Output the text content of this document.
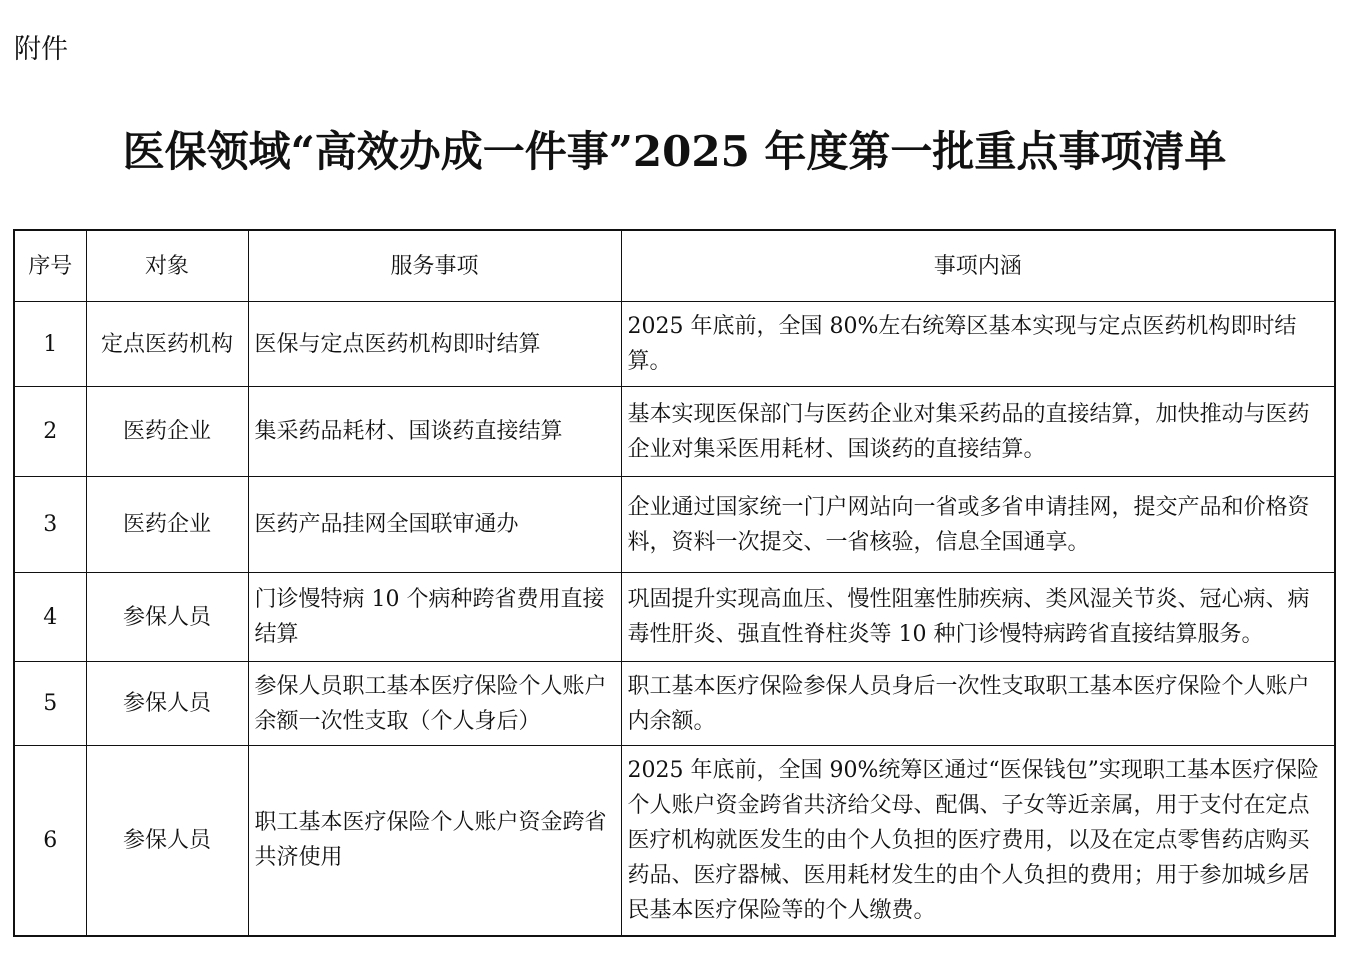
附件
医保领域“高效办成一件事”2025 年度第一批重点事项清单
序号	对象	服务事项	事项内涵
1	定点医药机构	医保与定点医药机构即时结算	2025 年底前，全国 80%左右统筹区基本实现与定点医药机构即时结算。
2	医药企业	集采药品耗材、国谈药直接结算	基本实现医保部门与医药企业对集采药品的直接结算，加快推动与医药企业对集采医用耗材、国谈药的直接结算。
3	医药企业	医药产品挂网全国联审通办	企业通过国家统一门户网站向一省或多省申请挂网，提交产品和价格资料，资料一次提交、一省核验，信息全国通享。
4	参保人员	门诊慢特病 10 个病种跨省费用直接结算	巩固提升实现高血压、慢性阻塞性肺疾病、类风湿关节炎、冠心病、病毒性肝炎、强直性脊柱炎等 10 种门诊慢特病跨省直接结算服务。
5	参保人员	参保人员职工基本医疗保险个人账户余额一次性支取（个人身后）	职工基本医疗保险参保人员身后一次性支取职工基本医疗保险个人账户内余额。
6	参保人员	职工基本医疗保险个人账户资金跨省共济使用	2025 年底前，全国 90%统筹区通过“医保钱包”实现职工基本医疗保险个人账户资金跨省共济给父母、配偶、子女等近亲属，用于支付在定点医疗机构就医发生的由个人负担的医疗费用，以及在定点零售药店购买药品、医疗器械、医用耗材发生的由个人负担的费用；用于参加城乡居民基本医疗保险等的个人缴费。
